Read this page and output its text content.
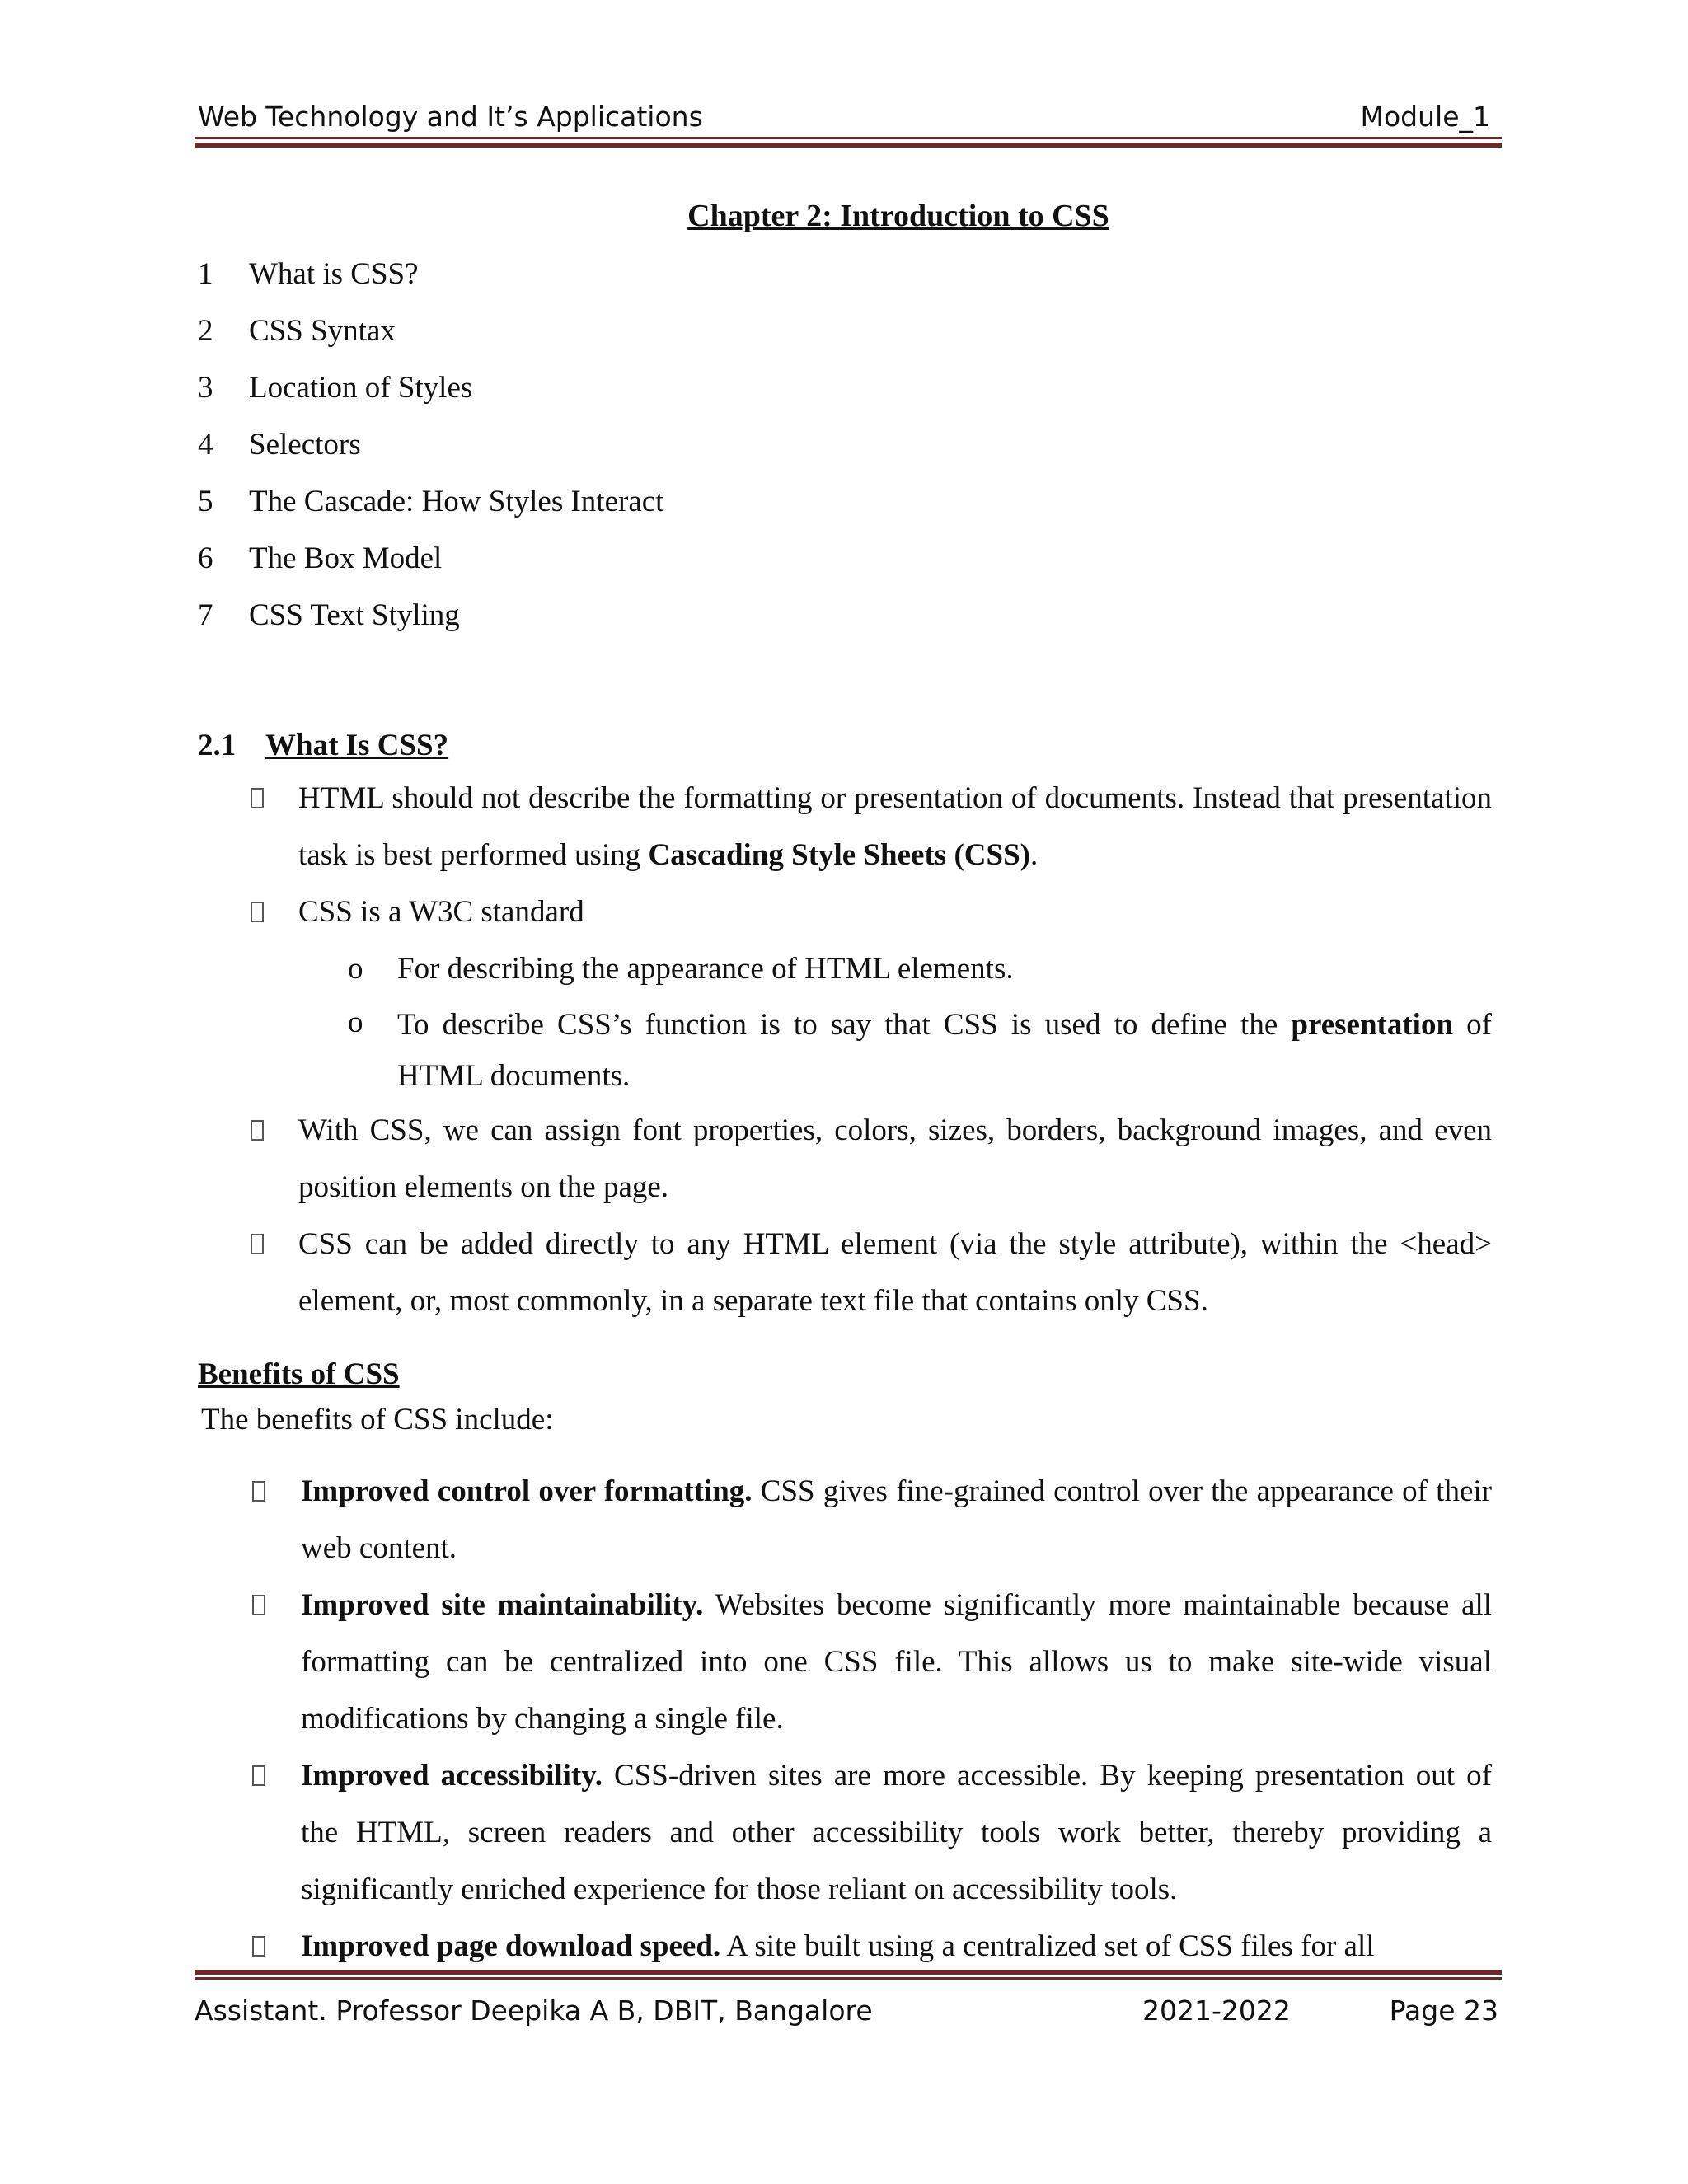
Web Technology and It’s Applications	Module_1
Chapter 2: Introduction to CSS
1	What is CSS?
2	CSS Syntax
3	Location of Styles
4	Selectors
5	The Cascade: How Styles Interact
6	The Box Model
7	CSS Text Styling
2.1 What Is CSS?
HTML should not describe the formatting or presentation of documents. Instead that presentation task is best performed using Cascading Style Sheets (CSS).
CSS is a W3C standard
o For describing the appearance of HTML elements.
o To describe CSS’s function is to say that CSS is used to define the presentation of HTML documents.
With CSS, we can assign font properties, colors, sizes, borders, background images, and even position elements on the page.
CSS can be added directly to any HTML element (via the style attribute), within the <head> element, or, most commonly, in a separate text file that contains only CSS.
Benefits of CSS
The benefits of CSS include:
Improved control over formatting. CSS gives fine-grained control over the appearance of their web content.
Improved site maintainability. Websites become significantly more maintainable because all formatting can be centralized into one CSS file. This allows us to make site-wide visual modifications by changing a single file.
Improved accessibility. CSS-driven sites are more accessible. By keeping presentation out of the HTML, screen readers and other accessibility tools work better, thereby providing a significantly enriched experience for those reliant on accessibility tools.
Improved page download speed. A site built using a centralized set of CSS files for all
Assistant. Professor Deepika A B, DBIT, Bangalore	2021-2022	Page 23
